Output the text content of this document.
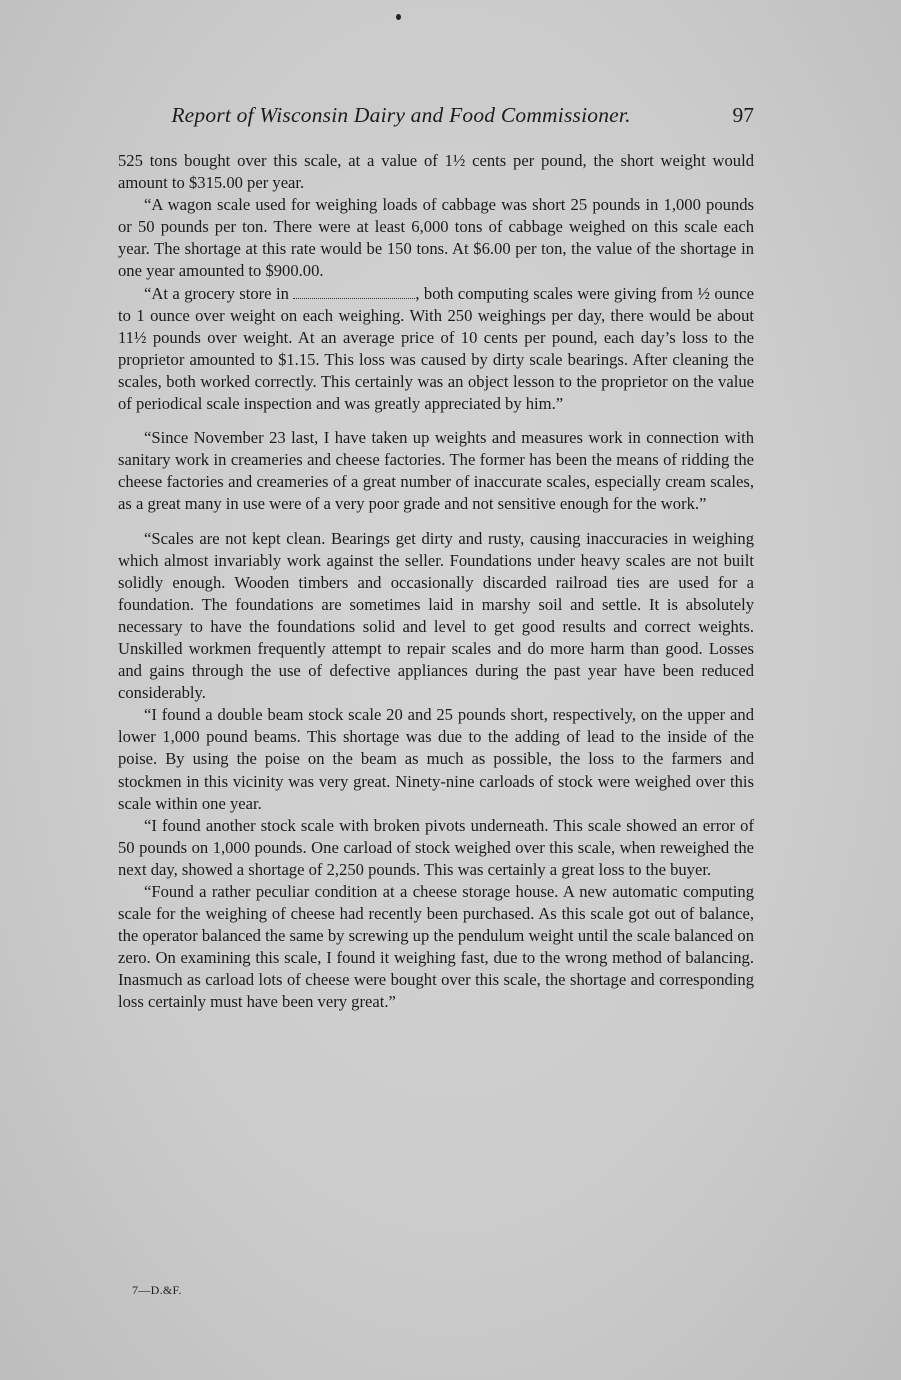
Report of Wisconsin Dairy and Food Commissioner.	97

525 tons bought over this scale, at a value of 1½ cents per pound, the short weight would amount to $315.00 per year.

“A wagon scale used for weighing loads of cabbage was short 25 pounds in 1,000 pounds or 50 pounds per ton. There were at least 6,000 tons of cabbage weighed on this scale each year. The shortage at this rate would be 150 tons. At $6.00 per ton, the value of the shortage in one year amounted to $900.00.

“At a grocery store in	, both computing scales were giving from ½ ounce to 1 ounce over weight on each weighing. With 250 weighings per day, there would be about 11½ pounds over weight. At an average price of 10 cents per pound, each day’s loss to the proprietor amounted to $1.15. This loss was caused by dirty scale bearings. After cleaning the scales, both worked correctly. This certainly was an object lesson to the proprietor on the value of periodical scale inspection and was greatly appreciated by him.”

“Since November 23 last, I have taken up weights and measures work in connection with sanitary work in creameries and cheese factories. The former has been the means of ridding the cheese factories and creameries of a great number of inaccurate scales, especially cream scales, as a great many in use were of a very poor grade and not sensitive enough for the work.”

“Scales are not kept clean. Bearings get dirty and rusty, causing inaccuracies in weighing which almost invariably work against the seller. Foundations under heavy scales are not built solidly enough. Wooden timbers and occasionally discarded railroad ties are used for a foundation. The foundations are sometimes laid in marshy soil and settle. It is absolutely necessary to have the foundations solid and level to get good results and correct weights. Unskilled workmen frequently attempt to repair scales and do more harm than good. Losses and gains through the use of defective appliances during the past year have been reduced considerably.

“I found a double beam stock scale 20 and 25 pounds short, respectively, on the upper and lower 1,000 pound beams. This shortage was due to the adding of lead to the inside of the poise. By using the poise on the beam as much as possible, the loss to the farmers and stockmen in this vicinity was very great. Ninety-nine carloads of stock were weighed over this scale within one year.

“I found another stock scale with broken pivots underneath. This scale showed an error of 50 pounds on 1,000 pounds. One carload of stock weighed over this scale, when reweighed the next day, showed a shortage of 2,250 pounds. This was certainly a great loss to the buyer.

“Found a rather peculiar condition at a cheese storage house. A new automatic computing scale for the weighing of cheese had recently been purchased. As this scale got out of balance, the operator balanced the same by screwing up the pendulum weight until the scale balanced on zero. On examining this scale, I found it weighing fast, due to the wrong method of balancing. Inasmuch as carload lots of cheese were bought over this scale, the shortage and corresponding loss certainly must have been very great.”

7—D.&F.
